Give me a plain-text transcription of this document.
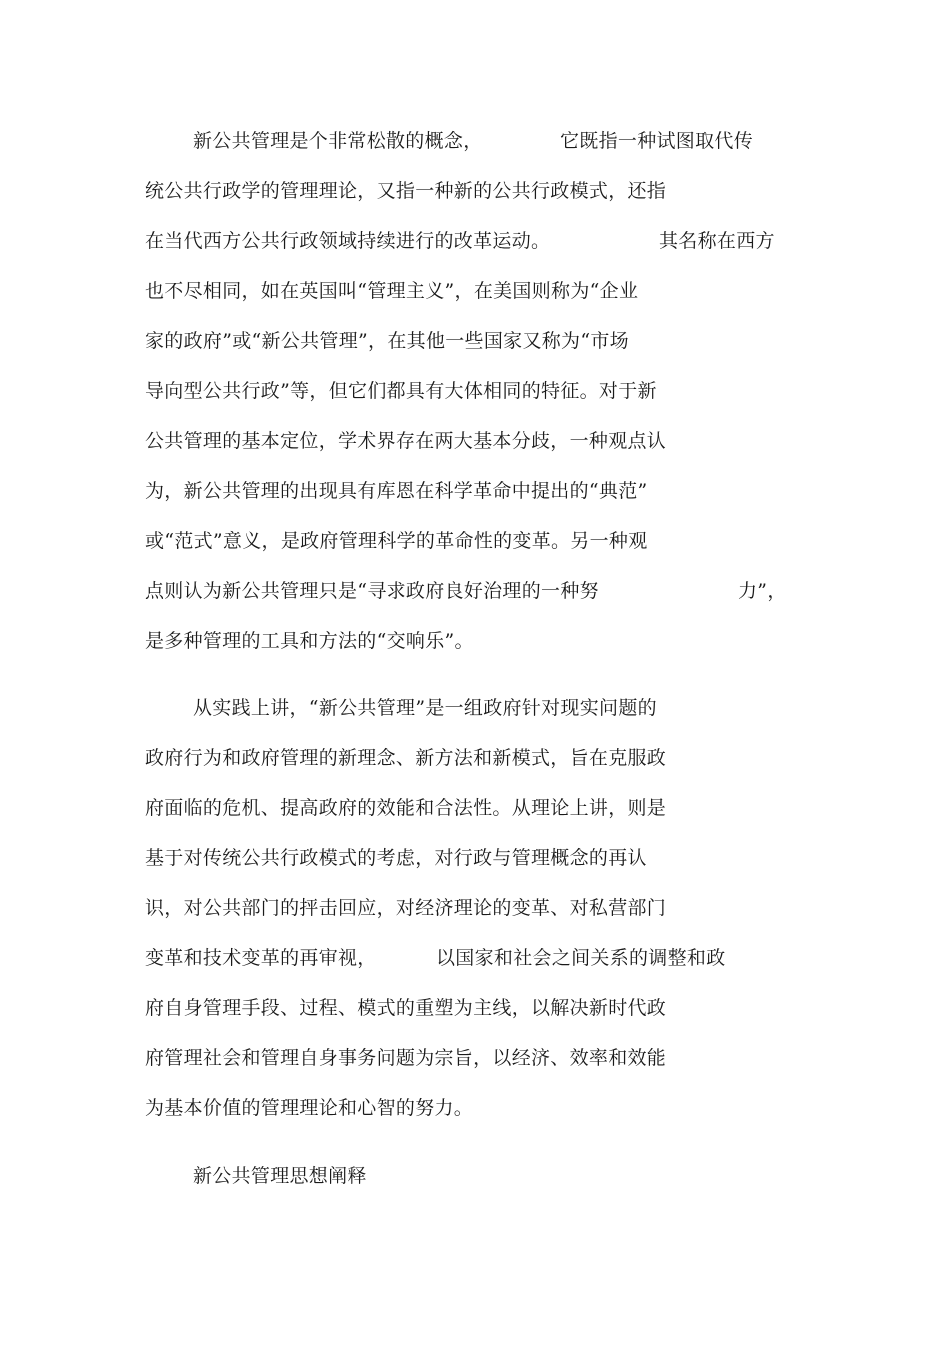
新公共管理是个非常松散的概念，	它既指一种试图取代传
统公共行政学的管理理论，又指一种新的公共行政模式，还指
在当代西方公共行政领域持续进行的改革运动。	其名称在西方
也不尽相同，如在英国叫“管理主义”，在美国则称为“企业
家的政府”或“新公共管理”，在其他一些国家又称为“市场
导向型公共行政”等，但它们都具有大体相同的特征。对于新
公共管理的基本定位，学术界存在两大基本分歧，一种观点认
为，新公共管理的出现具有库恩在科学革命中提出的“典范”
或“范式”意义，是政府管理科学的革命性的变革。另一种观
点则认为新公共管理只是“寻求政府良好治理的一种努	力”，
是多种管理的工具和方法的“交响乐”。
从实践上讲，“新公共管理”是一组政府针对现实问题的
政府行为和政府管理的新理念、新方法和新模式，旨在克服政
府面临的危机、提高政府的效能和合法性。从理论上讲，则是
基于对传统公共行政模式的考虑，对行政与管理概念的再认
识，对公共部门的抨击回应，对经济理论的变革、对私营部门
变革和技术变革的再审视，	以国家和社会之间关系的调整和政
府自身管理手段、过程、模式的重塑为主线，以解决新时代政
府管理社会和管理自身事务问题为宗旨，以经济、效率和效能
为基本价值的管理理论和心智的努力。
新公共管理思想阐释
